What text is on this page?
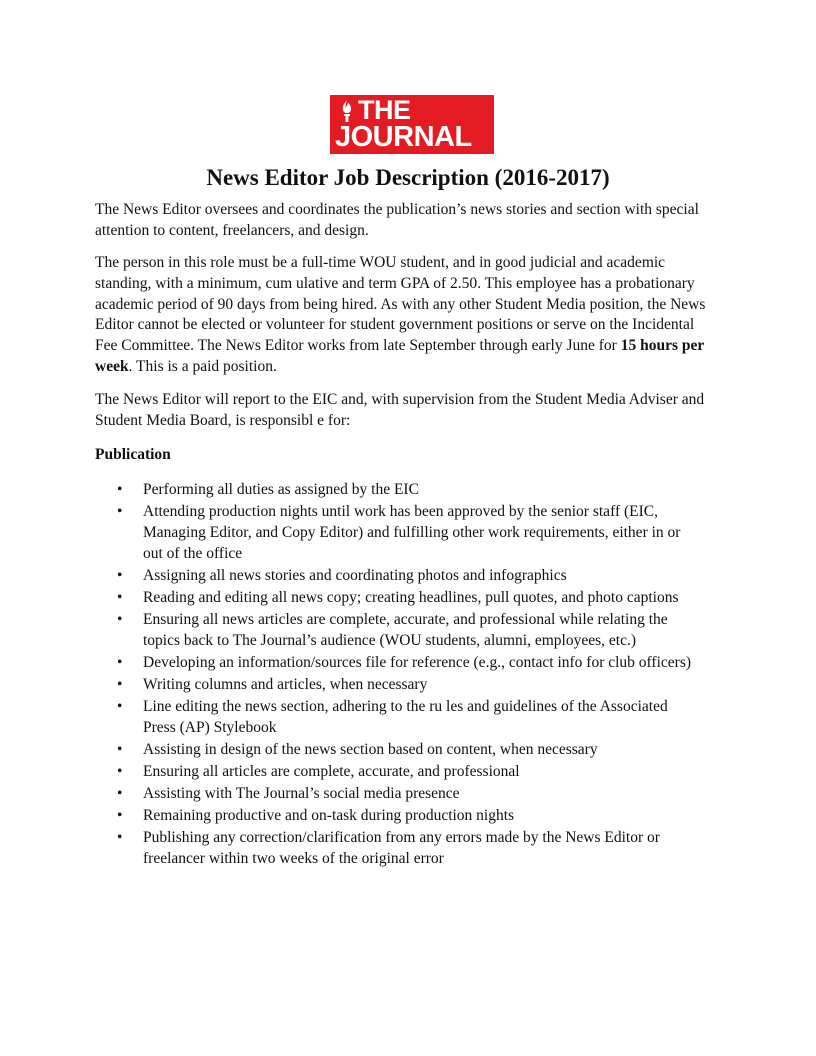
THE
JOURNAL
News Editor Job Description (2016-2017)

The News Editor oversees and coordinates the publication’s news stories and section with special attention to content, freelancers, and design.

The person in this role must be a full-time WOU student, and in good judicial and academic standing, with a minimum, cum ulative and term GPA of 2.50. This employee has a probationary academic period of 90 days from being hired. As with any other Student Media position, the News Editor cannot be elected or volunteer for student government positions or serve on the Incidental Fee Committee. The News Editor works from late September through early June for 15 hours per week. This is a paid position.

The News Editor will report to the EIC and, with supervision from the Student Media Adviser and Student Media Board, is responsibl e for:

Publication
• Performing all duties as assigned by the EIC
• Attending production nights until work has been approved by the senior staff (EIC, Managing Editor, and Copy Editor) and fulfilling other work requirements, either in or out of the office
• Assigning all news stories and coordinating photos and infographics
• Reading and editing all news copy; creating headlines, pull quotes, and photo captions
• Ensuring all news articles are complete, accurate, and professional while relating the topics back to The Journal’s audience (WOU students, alumni, employees, etc.)
• Developing an information/sources file for reference (e.g., contact info for club officers)
• Writing columns and articles, when necessary
• Line editing the news section, adhering to the ru les and guidelines of the Associated Press (AP) Stylebook
• Assisting in design of the news section based on content, when necessary
• Ensuring all articles are complete, accurate, and professional
• Assisting with The Journal’s social media presence
• Remaining productive and on-task during production nights
• Publishing any correction/clarification from any errors made by the News Editor or freelancer within two weeks of the original error
